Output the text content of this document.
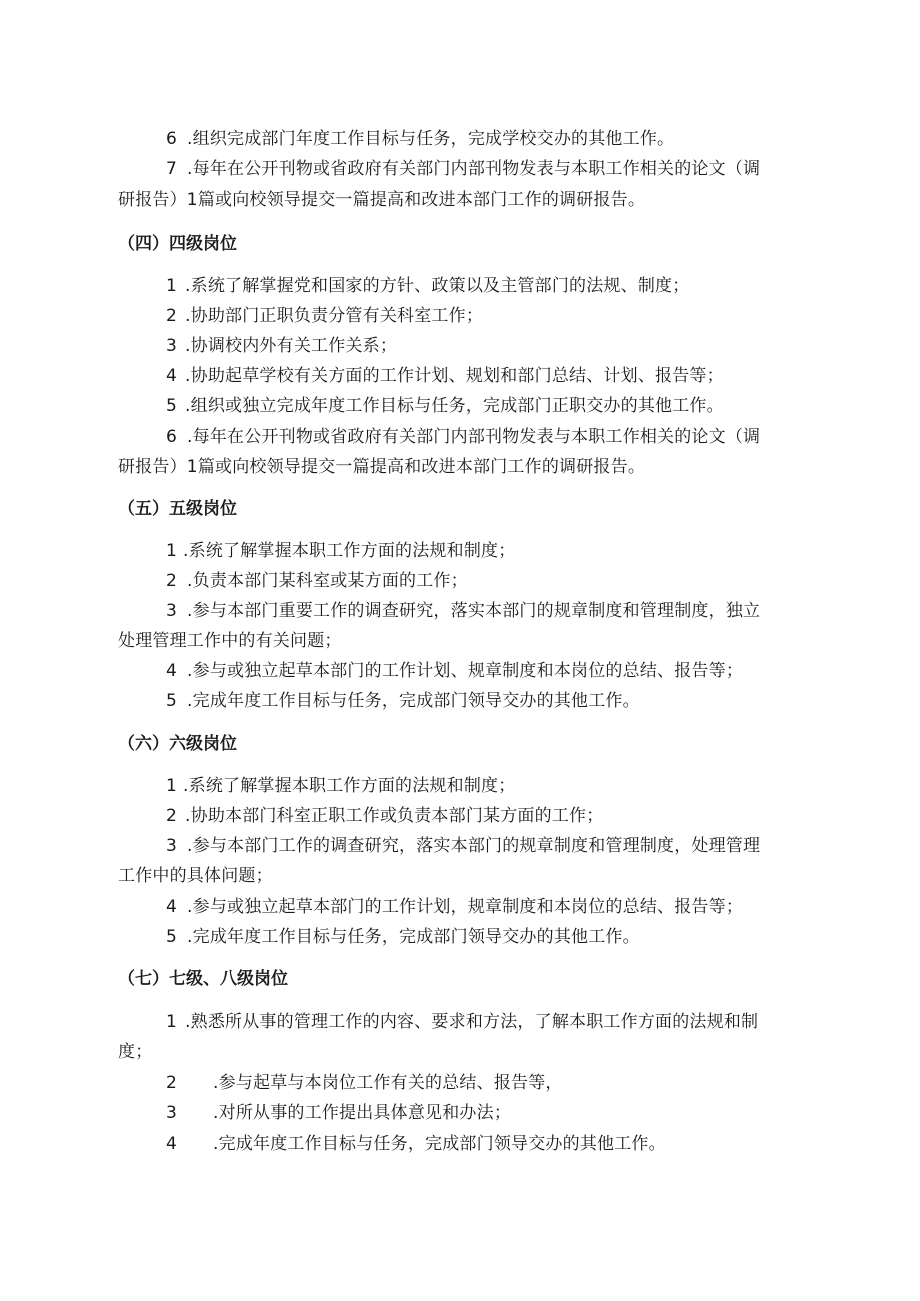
6 .组织完成部门年度工作目标与任务，完成学校交办的其他工作。
7 .每年在公开刊物或省政府有关部门内部刊物发表与本职工作相关的论文（调
研报告）1篇或向校领导提交一篇提高和改进本部门工作的调研报告。
（四）四级岗位
1 .系统了解掌握党和国家的方针、政策以及主管部门的法规、制度；
2 .协助部门正职负责分管有关科室工作；
3 .协调校内外有关工作关系；
4 .协助起草学校有关方面的工作计划、规划和部门总结、计划、报告等；
5 .组织或独立完成年度工作目标与任务，完成部门正职交办的其他工作。
6 .每年在公开刊物或省政府有关部门内部刊物发表与本职工作相关的论文（调
研报告）1篇或向校领导提交一篇提高和改进本部门工作的调研报告。
（五）五级岗位
1 .系统了解掌握本职工作方面的法规和制度；
2 .负责本部门某科室或某方面的工作；
3 .参与本部门重要工作的调查研究，落实本部门的规章制度和管理制度，独立
处理管理工作中的有关问题；
4 .参与或独立起草本部门的工作计划、规章制度和本岗位的总结、报告等；
5 .完成年度工作目标与任务，完成部门领导交办的其他工作。
（六）六级岗位
1 .系统了解掌握本职工作方面的法规和制度；
2 .协助本部门科室正职工作或负责本部门某方面的工作；
3 .参与本部门工作的调查研究，落实本部门的规章制度和管理制度，处理管理
工作中的具体问题；
4 .参与或独立起草本部门的工作计划，规章制度和本岗位的总结、报告等；
5 .完成年度工作目标与任务，完成部门领导交办的其他工作。
（七）七级、八级岗位
1 .熟悉所从事的管理工作的内容、要求和方法，了解本职工作方面的法规和制
度；
2 .参与起草与本岗位工作有关的总结、报告等，
3 .对所从事的工作提出具体意见和办法；
4 .完成年度工作目标与任务，完成部门领导交办的其他工作。
